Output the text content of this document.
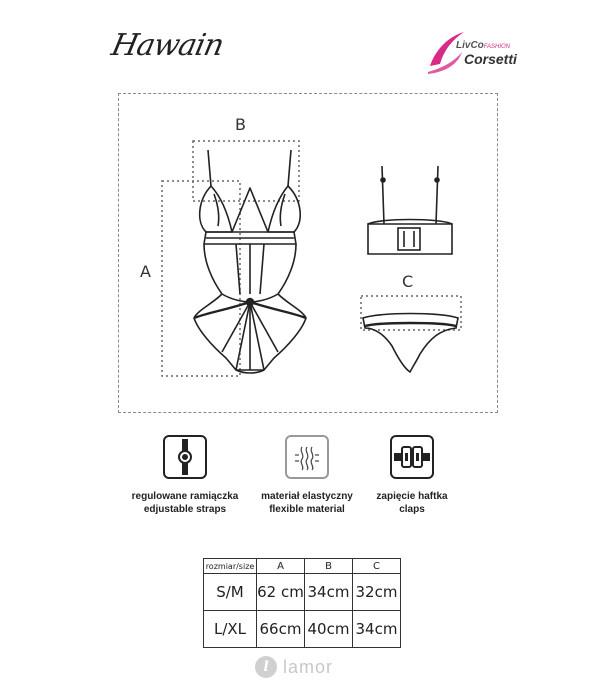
Hawain	LivCoFASHION
Corsetti
B
A
C
regulowane ramiączka
edjustable straps
materiał elastyczny
flexible material
zapięcie haftka
claps
rozmiar/size	A	B	C
S/M	62 cm	34cm	32cm
L/XL	66cm	40cm	34cm
l lamor
